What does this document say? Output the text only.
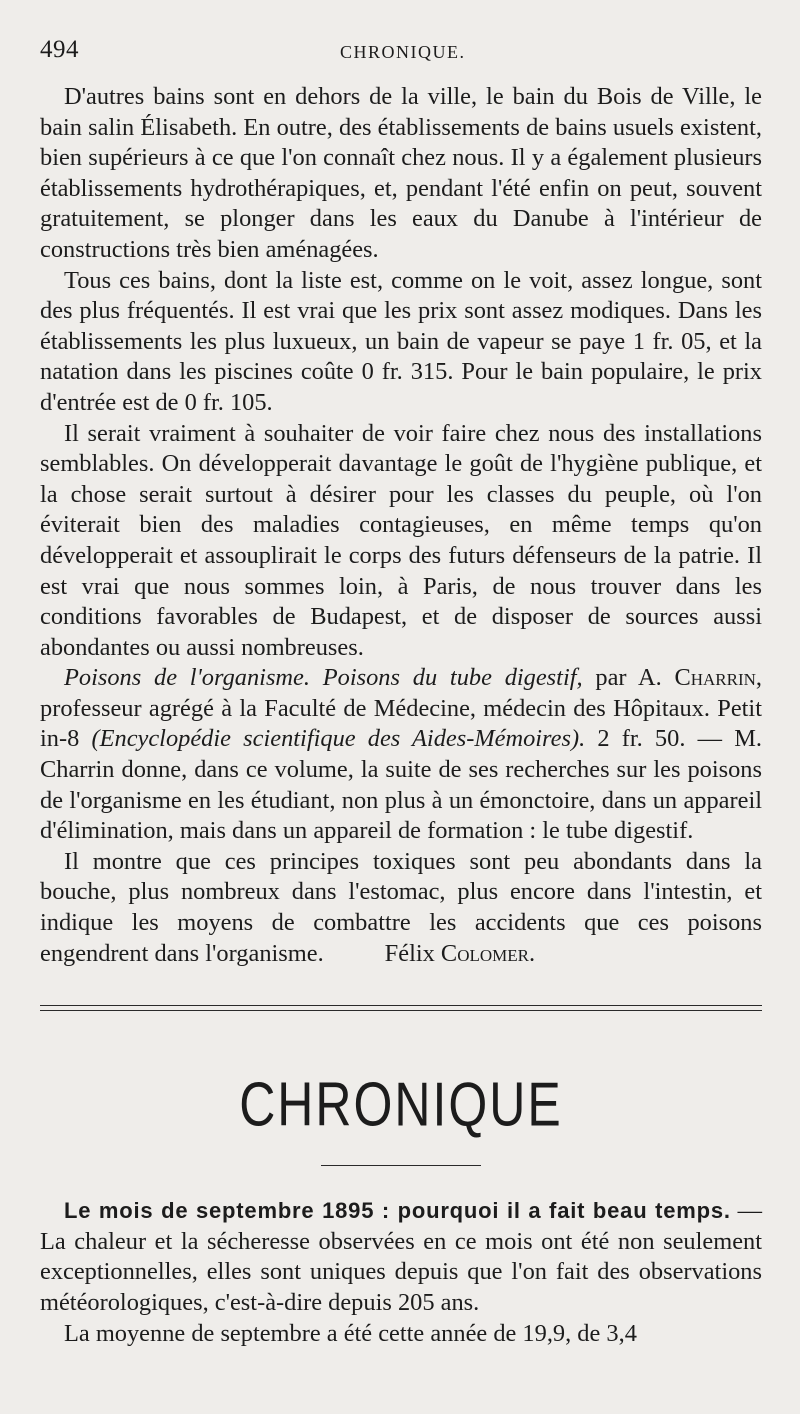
494	CHRONIQUE.

D'autres bains sont en dehors de la ville, le bain du Bois de Ville, le bain salin Élisabeth. En outre, des établissements de bains usuels existent, bien supérieurs à ce que l'on connaît chez nous. Il y a également plusieurs établissements hydrothérapiques, et, pendant l'été enfin on peut, souvent gratuitement, se plonger dans les eaux du Danube à l'intérieur de constructions très bien aménagées.

Tous ces bains, dont la liste est, comme on le voit, assez longue, sont des plus fréquentés. Il est vrai que les prix sont assez modiques. Dans les établissements les plus luxueux, un bain de vapeur se paye 1 fr. 05, et la natation dans les piscines coûte 0 fr. 315. Pour le bain populaire, le prix d'entrée est de 0 fr. 105.

Il serait vraiment à souhaiter de voir faire chez nous des installations semblables. On développerait davantage le goût de l'hygiène publique, et la chose serait surtout à désirer pour les classes du peuple, où l'on éviterait bien des maladies contagieuses, en même temps qu'on développerait et assouplirait le corps des futurs défenseurs de la patrie. Il est vrai que nous sommes loin, à Paris, de nous trouver dans les conditions favorables de Budapest, et de disposer de sources aussi abondantes ou aussi nombreuses.

Poisons de l'organisme. Poisons du tube digestif, par A. Charrin, professeur agrégé à la Faculté de Médecine, médecin des Hôpitaux. Petit in-8 (Encyclopédie scientifique des Aides-Mémoires). 2 fr. 50. — M. Charrin donne, dans ce volume, la suite de ses recherches sur les poisons de l'organisme en les étudiant, non plus à un émonctoire, dans un appareil d'élimination, mais dans un appareil de formation : le tube digestif.

Il montre que ces principes toxiques sont peu abondants dans la bouche, plus nombreux dans l'estomac, plus encore dans l'intestin, et indique les moyens de combattre les accidents que ces poisons engendrent dans l'organisme. Félix Colomer.

CHRONIQUE

Le mois de septembre 1895 : pourquoi il a fait beau temps. — La chaleur et la sécheresse observées en ce mois ont été non seulement exceptionnelles, elles sont uniques depuis que l'on fait des observations météorologiques, c'est-à-dire depuis 205 ans.

La moyenne de septembre a été cette année de 19,9, de 3,4
